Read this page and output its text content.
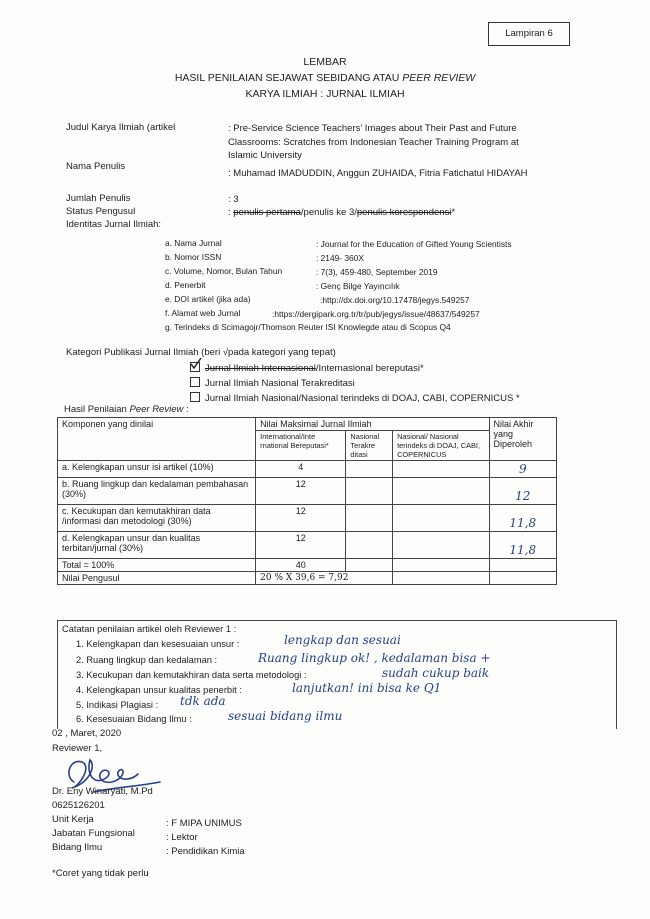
Lampiran 6
LEMBAR
HASIL PENILAIAN SEJAWAT SEBIDANG ATAU PEER REVIEW
KARYA ILMIAH : JURNAL ILMIAH
Judul Karya Ilmiah (artikel	: Pre-Service Science Teachers' Images about Their Past and Future Classrooms: Scratches from Indonesian Teacher Training Program at Islamic University
Nama Penulis
: Muhamad IMADUDDIN, Anggun ZUHAIDA, Fitria Fatichatul HIDAYAH
Jumlah Penulis	: 3
Status Pengusul	: penulis pertama/penulis ke 3/penulis korespondensi*
Identitas Jurnal Ilmiah:
a. Nama Jurnal	: Journal for the Education of Gifted Young Scientists
b. Nomor ISSN	: 2149- 360X
c. Volume, Nomor, Bulan Tahun	: 7(3), 459-480, September 2019
d. Penerbit	: Genç Bilge Yayıncılık
e. DOI artikel (jika ada)	:http://dx.doi.org/10.17478/jegys.549257
f. Alamat web Jurnal	:https://dergipark.org.tr/tr/pub/jegys/issue/48637/549257
g. Terindeks di Scimagojr/Thomson Reuter ISI Knowlegde atau di Scopus Q4
Kategori Publikasi Jurnal Ilmiah (beri √pada kategori yang tepat)
Jurnal Ilmiah Internasional/Internasional bereputasi*
Jurnal Ilmiah Nasional Terakreditasi
Jurnal Ilmiah Nasional/Nasional terindeks di DOAJ, CABI, COPERNICUS *
Hasil Penilaian Peer Review :
Komponen yang dinilai	Nilai Maksimal Jurnal Ilmiah			Nilai Akhir yang Diperoleh
	International/Inte rnational Bereputasi*	Nasional Terakre ditasi	Nasional/ Nasional terindeks di DOAJ, CABI, COPERNICUS	
a. Kelengkapan unsur isi artikel (10%)	4			9
b. Ruang lingkup dan kedalaman pembahasan (30%)	12			12
c. Kecukupan dan kemutakhiran data /informasi dan metodologi (30%)	12			11,8
d. Kelengkapan unsur dan kualitas terbitan/jurnal (30%)	12			11,8
Total = 100%	40			
Nilai Pengusul	20 % X 39,6 = 7,92			
Catatan penilaian artikel oleh Reviewer 1 :
1. Kelengkapan dan kesesuaian unsur :	lengkap dan sesuai
2. Ruang lingkup dan kedalaman :	Ruang lingkup ok! , kedalaman bisa +
3. Kecukupan dan kemutakhiran data serta metodologi :	sudah cukup baik
4. Kelengkapan unsur kualitas penerbit :	lanjutkan! ini bisa ke Q1
5. Indikasi Plagiasi : tdk ada
6. Kesesuaian Bidang Ilmu :	sesuai bidang ilmu
02 , Maret, 2020
Reviewer 1,
Dr. Eny Winaryati, M.Pd
0625126201
Unit Kerja	: F MIPA UNIMUS
Jabatan Fungsional	: Lektor
Bidang Ilmu	: Pendidikan Kimia
*Coret yang tidak perlu
